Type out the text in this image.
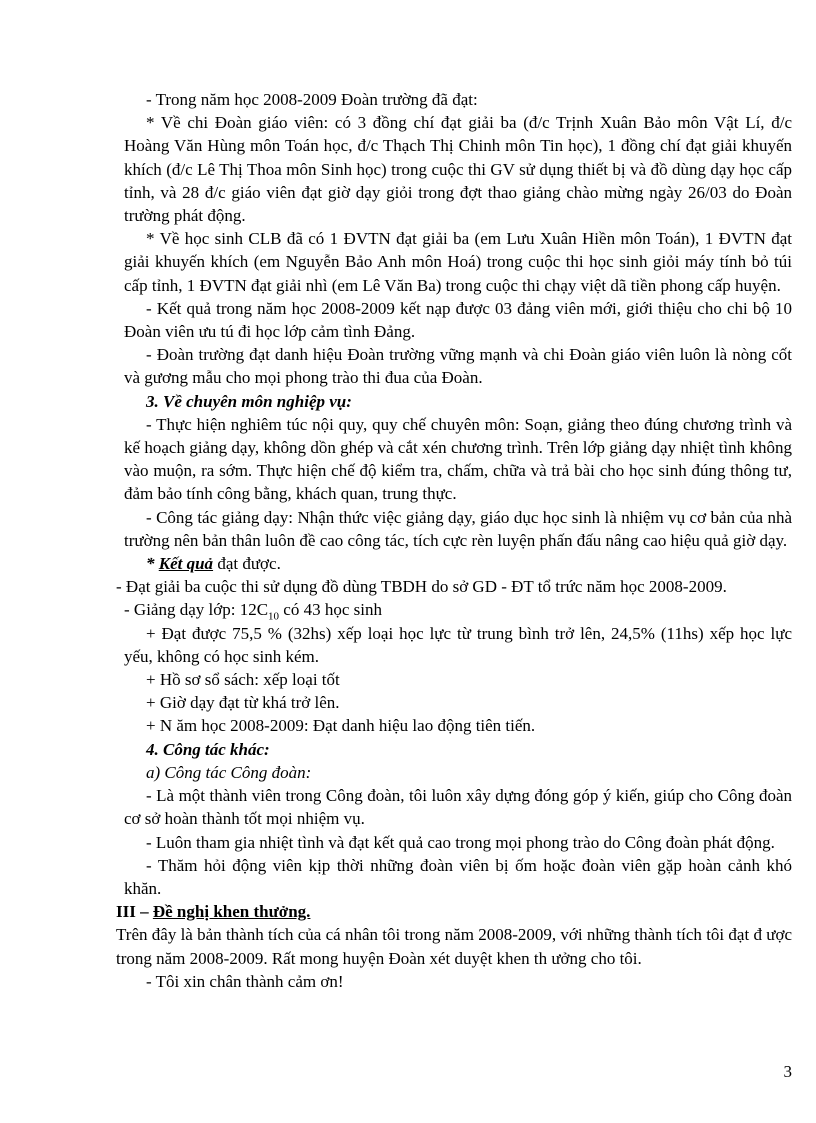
- Trong năm học 2008-2009 Đoàn trường đã đạt:

* Về chi Đoàn giáo viên: có 3 đồng chí đạt giải ba (đ/c Trịnh Xuân Bảo môn Vật Lí, đ/c Hoàng Văn Hùng môn Toán học, đ/c Thạch Thị Chinh môn Tin học), 1 đồng chí đạt giải khuyến khích (đ/c Lê Thị Thoa môn Sinh học) trong cuộc thi GV sử dụng thiết bị và đồ dùng dạy học cấp tỉnh, và 28 đ/c giáo viên đạt giờ dạy giỏi trong đợt thao giảng chào mừng ngày 26/03 do Đoàn trường phát động.

* Về học sinh CLB đã có 1 ĐVTN đạt giải ba (em Lưu Xuân Hiền môn Toán), 1 ĐVTN đạt giải khuyến khích (em Nguyễn Bảo Anh môn Hoá) trong cuộc thi học sinh giỏi máy tính bỏ túi cấp tỉnh, 1 ĐVTN đạt giải nhì (em Lê Văn Ba) trong cuộc thi chạy việt dã tiền phong cấp huyện.

- Kết quả trong năm học 2008-2009 kết nạp được 03 đảng viên mới, giới thiệu cho chi bộ 10 Đoàn viên ưu tú đi học lớp cảm tình Đảng.

- Đoàn trường đạt danh hiệu Đoàn trường vững mạnh và chi Đoàn giáo viên luôn là nòng cốt và gương mẫu cho mọi phong trào thi đua của Đoàn.

3. Về chuyên môn nghiệp vụ:

- Thực hiện nghiêm túc nội quy, quy chế chuyên môn: Soạn, giảng theo đúng chương trình và kế hoạch giảng dạy, không dồn ghép và cắt xén chương trình. Trên lớp giảng dạy nhiệt tình không vào muộn, ra sớm. Thực hiện chế độ kiểm tra, chấm, chữa và trả bài cho học sinh đúng thông tư, đảm bảo tính công bằng, khách quan, trung thực.

- Công tác giảng dạy: Nhận thức việc giảng dạy, giáo dục học sinh là nhiệm vụ cơ bản của nhà trường nên bản thân luôn đề cao công tác, tích cực rèn luyện phấn đấu nâng cao hiệu quả giờ dạy.

* Kết quả đạt được.

- Đạt giải ba cuộc thi sử dụng đồ dùng TBDH do sở GD - ĐT tổ trức năm học 2008-2009.

- Giảng dạy lớp: $12C_{10}$ có 43 học sinh

+ Đạt được 75,5 % (32hs) xếp loại học lực từ trung bình trở lên, 24,5% (11hs) xếp học lực yếu, không có học sinh kém.

+ Hồ sơ sổ sách: xếp loại tốt

+ Giờ dạy đạt từ khá trở lên.

+ N ăm học 2008-2009: Đạt danh hiệu lao động tiên tiến.

4. Công tác khác:

a) Công tác Công đoàn:

- Là một thành viên trong Công đoàn, tôi luôn xây dựng đóng góp ý kiến, giúp cho Công đoàn cơ sở hoàn thành tốt mọi nhiệm vụ.

- Luôn tham gia nhiệt tình và đạt kết quả cao trong mọi phong trào do Công đoàn phát động.

- Thăm hỏi động viên kịp thời những đoàn viên bị ốm hoặc đoàn viên gặp hoàn cảnh khó khăn.

III – Đề nghị khen thưởng.

Trên đây là bản thành tích của cá nhân tôi trong năm 2008-2009, với những thành tích tôi đạt đ ược trong năm 2008-2009. Rất mong huyện Đoàn xét duyệt khen th ưởng cho tôi.

- Tôi xin chân thành cảm ơn!

3
